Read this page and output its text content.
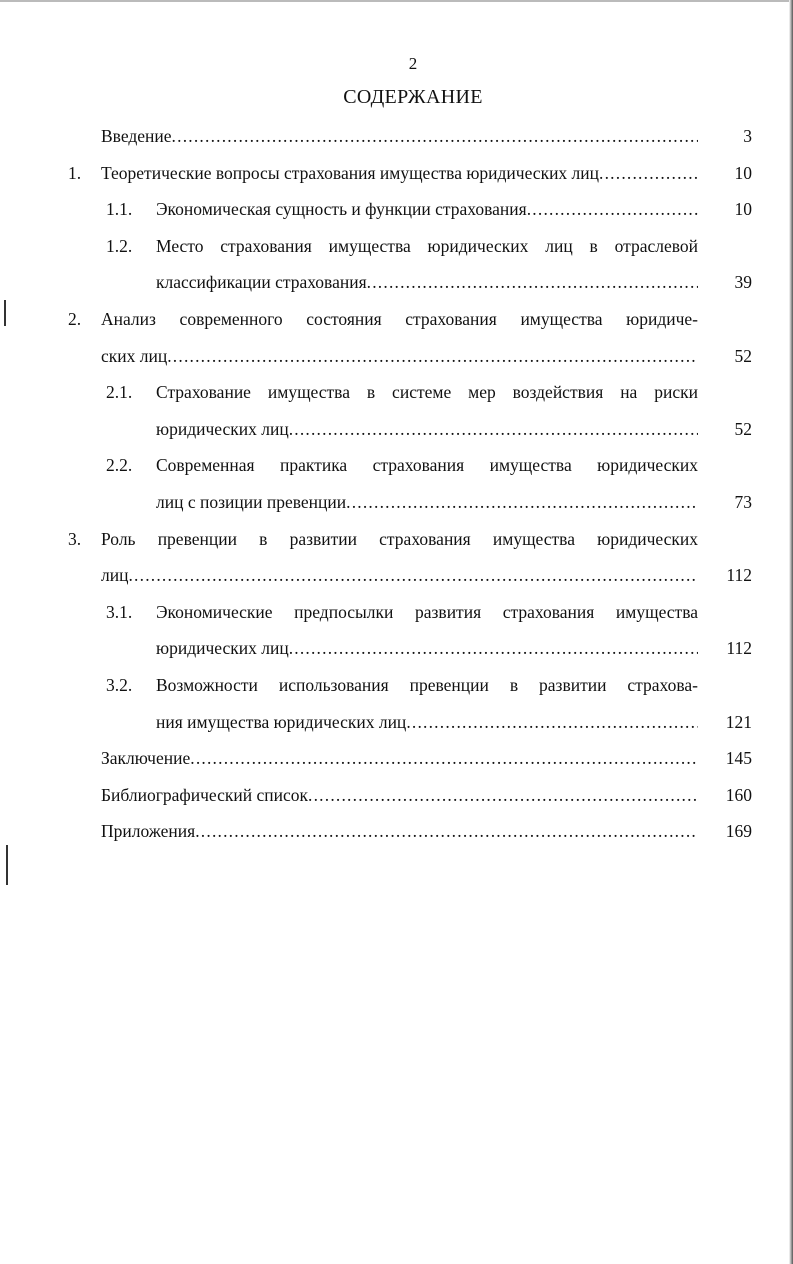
2
СОДЕРЖАНИЕ
Введение .....	3
1. Теоретические вопросы страхования имущества юридических лиц .....	10
1.1. Экономическая сущность и функции страхования .....	10
1.2. Место страхования имущества юридических лиц в отраслевой
классификации страхования .....	39
2. Анализ современного состояния страхования имущества юридиче-
ских лиц .....	52
2.1. Страхование имущества в системе мер воздействия на риски
юридических лиц .....	52
2.2. Современная практика страхования имущества юридических
лиц с позиции превенции .....	73
3. Роль превенции в развитии страхования имущества юридических
лиц .....	112
3.1. Экономические предпосылки развития страхования имущества
юридических лиц .....	112
3.2. Возможности использования превенции в развитии страхова-
ния имущества юридических лиц .....	121
Заключение .....	145
Библиографический список .....	160
Приложения .....	169
